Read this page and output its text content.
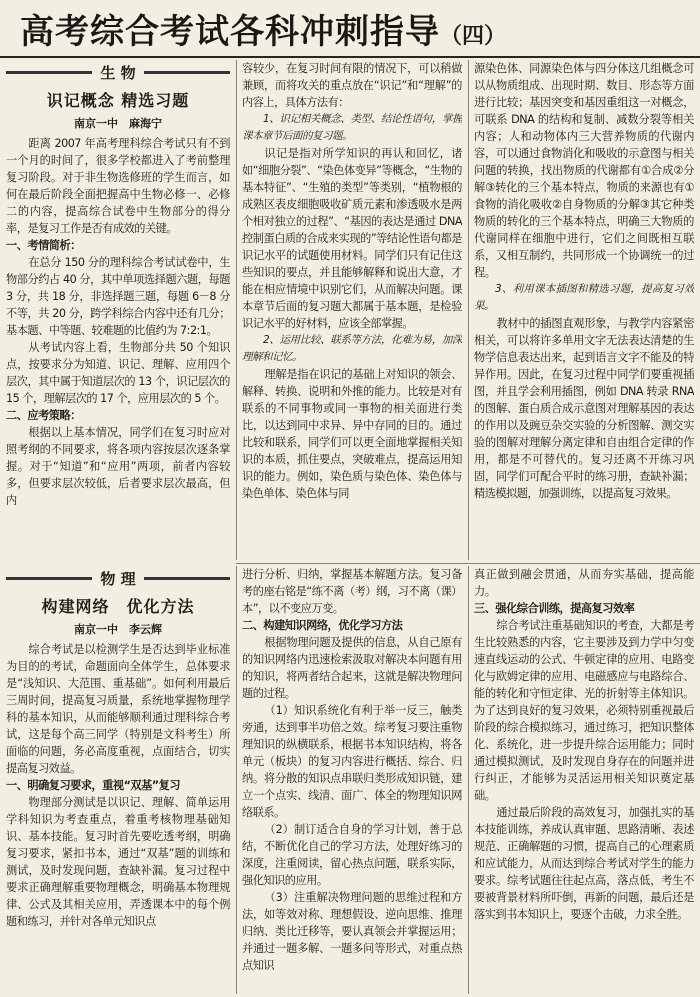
高考综合考试各科冲刺指导（四）
生 物
识记概念 精选习题
南京一中　麻海宁

距离 2007 年高考理科综合考试只有不到一个月的时间了，很多学校都进入了考前整理复习阶段。对于非生物选修班的学生而言，如何在最后阶段全面把握高中生物必修一、必修二的内容，提高综合试卷中生物部分的得分率，是复习工作是否有成效的关键。

一、考情简析：

在总分 150 分的理科综合考试试卷中，生物部分约占 40 分，其中单项选择题六题，每题 3 分，共 18 分，非选择题三题，每题 6－8 分不等，共 20 分，跨学科综合内容中还有几分；基本题、中等题、较难题的比值约为 7:2:1。

从考试内容上看，生物部分共 50 个知识点，按要求分为知道、识记、理解、应用四个层次，其中属于知道层次的 13 个，识记层次的 15 个，理解层次的 17 个，应用层次的 5 个。

二、应考策略：

根据以上基本情况，同学们在复习时应对照考纲的不同要求，将各项内容按层次逐条掌握。对于“知道”和“应用”两项，前者内容较多，但要求层次较低，后者要求层次最高，但内

容较少，在复习时间有限的情况下，可以稍做兼顾，而将攻关的重点放在“识记”和“理解”的内容上，具体方法有：

1、识记相关概念、类型、结论性语句，掌握课本章节后面的复习题。

识记是指对所学知识的再认和回忆，诸如“细胞分裂”、“染色体变异”等概念，“生物的基本特征”、“生殖的类型”等类别，“植物根的成熟区表皮细胞吸收矿质元素和渗透吸水是两个相对独立的过程”、“基因的表达是通过 DNA 控制蛋白质的合成来实现的”等结论性语句都是识记水平的试题使用材料。同学们只有记住这些知识的要点，并且能够解释和说出大意，才能在相应情境中识别它们，从而解决问题。课本章节后面的复习题大都属于基本题，是检验识记水平的好材料，应该全部掌握。

2、运用比较、联系等方法，化难为易，加深理解和记忆。

理解是指在识记的基础上对知识的领会、解释、转换、说明和外推的能力。比较是对有联系的不同事物或同一事物的相关面进行类比，以达到同中求异、异中存同的目的。通过比较和联系，同学们可以更全面地掌握相关知识的本质，抓住要点，突破难点，提高运用知识的能力。例如，染色质与染色体、染色体与染色单体、染色体与同

源染色体、同源染色体与四分体这几组概念可以从物质组成、出现时期、数目、形态等方面进行比较；基因突变和基因重组这一对概念，可联系 DNA 的结构和复制、减数分裂等相关内容；人和动物体内三大营养物质的代谢内容，可以通过食物消化和吸收的示意图与相关问题的转换，找出物质的代谢都有①合成②分解③转化的三个基本特点，物质的来源也有①食物的消化吸收②自身物质的分解③其它种类物质的转化的三个基本特点，明确三大物质的代谢同样在细胞中进行，它们之间既相互联系，又相互制约，共同形成一个协调统一的过程。

3、利用课本插图和精选习题，提高复习效果。

教材中的插图直观形象，与教学内容紧密相关，可以将许多单用文字无法表达清楚的生物学信息表达出来，起到语言文字不能及的特异作用。因此，在复习过程中同学们要重视插图，并且学会利用插图，例如 DNA 转录 RNA 的图解、蛋白质合成示意图对理解基因的表达的作用以及豌豆杂交实验的分析图解、测交实验的图解对理解分离定律和自由组合定律的作用，都是不可替代的。复习还离不开练习巩固，同学们可配合平时的练习册，查缺补漏；精选模拟题，加强训练，以提高复习效果。

物 理
构建网络　优化方法
南京一中　李云辉

综合考试是以检测学生是否达到毕业标准为目的的考试，命题面向全体学生，总体要求是“浅知识、大范围、重基础”。如何利用最后三周时间，提高复习质量，系统地掌握物理学科的基本知识，从而能够顺利通过理科综合考试，这是每个高三同学（特别是文科考生）所面临的问题，务必高度重视，点面结合，切实提高复习效益。

一、明确复习要求，重视“双基”复习

物理部分测试是以识记、理解、简单运用学科知识为考查重点，着重考核物理基础知识、基本技能。复习时首先要吃透考纲，明确复习要求，紧扣书本，通过“双基”题的训练和测试，及时发现问题，查缺补漏。复习过程中要求正确理解重要物理概念，明确基本物理规律、公式及其相关应用，弄透课本中的每个例题和练习，并针对各单元知识点

进行分析、归纳，掌握基本解题方法。复习备考的座右铭是“练不离（考）纲，习不离（课）本”，以不变应万变。

二、构建知识网络，优化学习方法

根据物理问题及提供的信息，从自己原有的知识网络内迅速检索汲取对解决本问题有用的知识，将两者结合起来，这就是解决物理问题的过程。

（1）知识系统化有利于举一反三，触类旁通，达到事半功倍之效。综考复习要注重物理知识的纵横联系，根据书本知识结构，将各单元（板块）的复习内容进行概括、综合、归纳。将分散的知识点串联归类形成知识链，建立一个点实、线清、面广、体全的物理知识网络联系。

（2）制订适合自身的学习计划，善于总结，不断优化自己的学习方法，处理好练习的深度，注重阅读，留心热点问题，联系实际，强化知识的应用。

（3）注重解决物理问题的思维过程和方法，如等效对称、理想假设、逆向思维、推理归纳、类比迁移等，要认真领会并掌握运用；并通过一题多解、一题多问等形式，对重点热点知识

真正做到融会贯通，从而夯实基础，提高能力。

三、强化综合训练，提高复习效率

综合考试注重基础知识的考查，大都是考生比较熟悉的内容，它主要涉及到力学中匀变速直线运动的公式、牛顿定律的应用、电路变化与欧姆定律的应用、电磁感应与电路综合、能的转化和守恒定律、光的折射等主体知识。为了达到良好的复习效果，必须特别重视最后阶段的综合模拟练习，通过练习，把知识整体化、系统化，进一步提升综合运用能力；同时通过模拟测试，及时发现自身存在的问题并进行纠正，才能够为灵活运用相关知识奠定基础。

通过最后阶段的高效复习，加强扎实的基本技能训练，养成认真审题、思路清晰、表述规范、正确解题的习惯，提高自己的心理素质和应试能力，从而达到综合考试对学生的能力要求。综考试题往往起点高，落点低，考生不要被背景材料所吓倒，再新的问题，最后还是落实到书本知识上，要逐个击破，力求全胜。
